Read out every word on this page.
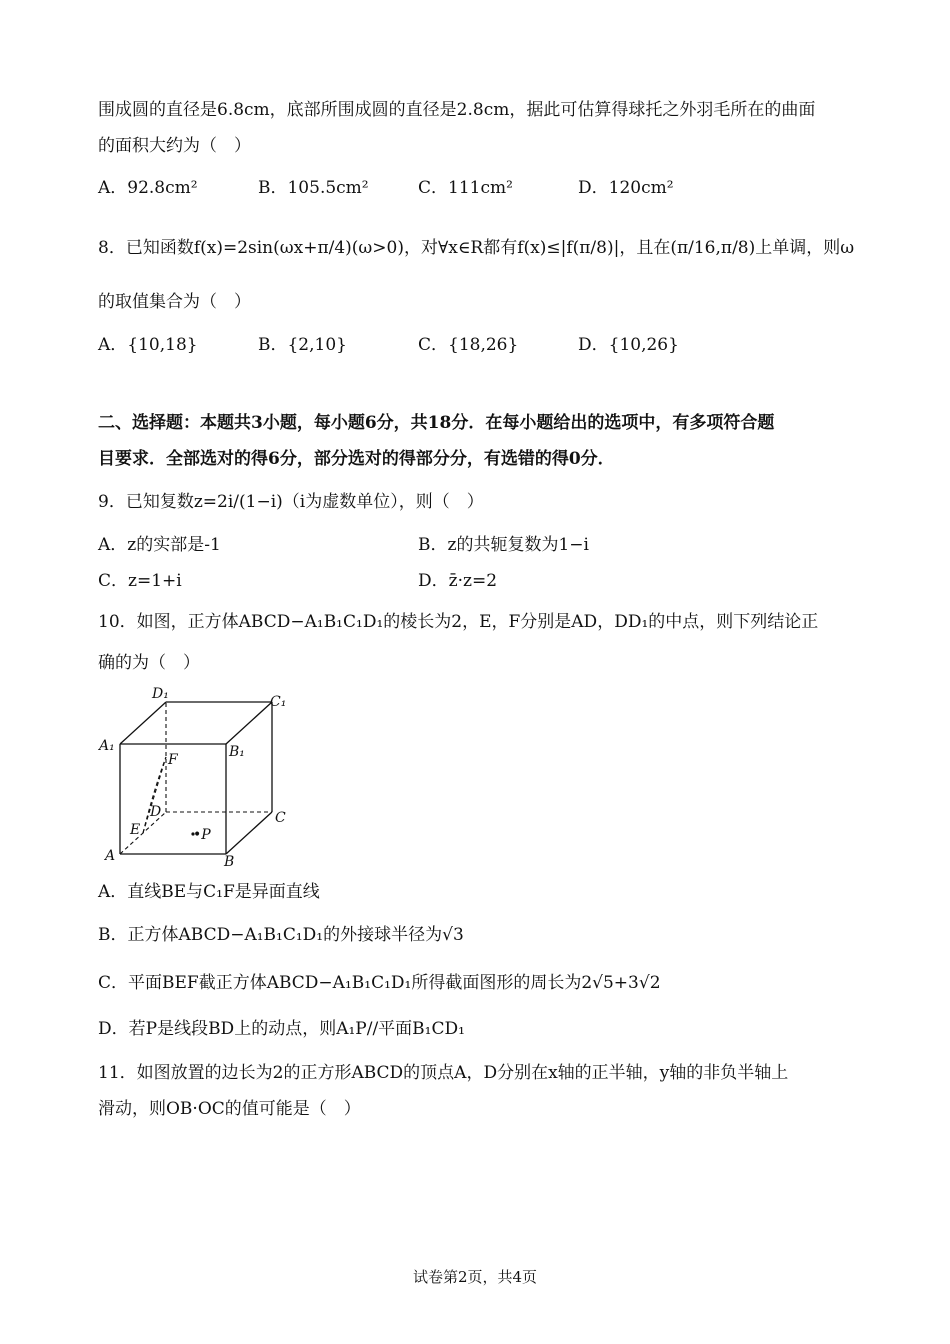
围成圆的直径是6.8cm，底部所围成圆的直径是2.8cm，据此可估算得球托之外羽毛所在的曲面
的面积大约为（　）
A．92.8cm²	B．105.5cm²	C．111cm²	D．120cm²
8．已知函数f(x)=2sin(ωx+π/4)(ω>0)，对∀x∈R都有f(x)≤|f(π/8)|，且在(π/16,π/8)上单调，则ω
的取值集合为（　）
A．{10,18}	B．{2,10}	C．{18,26}	D．{10,26}
二、选择题：本题共3小题，每小题6分，共18分．在每小题给出的选项中，有多项符合题
目要求．全部选对的得6分，部分选对的得部分分，有选错的得0分．
9．已知复数z=2i/(1−i)（i为虚数单位），则（　）
A．z的实部是-1	B．z的共轭复数为1−i
C．z=1+i	D．z̄·z=2
10．如图，正方体ABCD−A₁B₁C₁D₁的棱长为2，E，F分别是AD，DD₁的中点，则下列结论正
确的为（　）
D₁	C₁
A₁	B₁
F
D	C
E	•P
A	B
A．直线BE与C₁F是异面直线
B．正方体ABCD−A₁B₁C₁D₁的外接球半径为√3
C．平面BEF截正方体ABCD−A₁B₁C₁D₁所得截面图形的周长为2√5+3√2
D．若P是线段BD上的动点，则A₁P//平面B₁CD₁
11．如图放置的边长为2的正方形ABCD的顶点A，D分别在x轴的正半轴，y轴的非负半轴上
滑动，则OB·OC的值可能是（　）
试卷第2页，共4页
